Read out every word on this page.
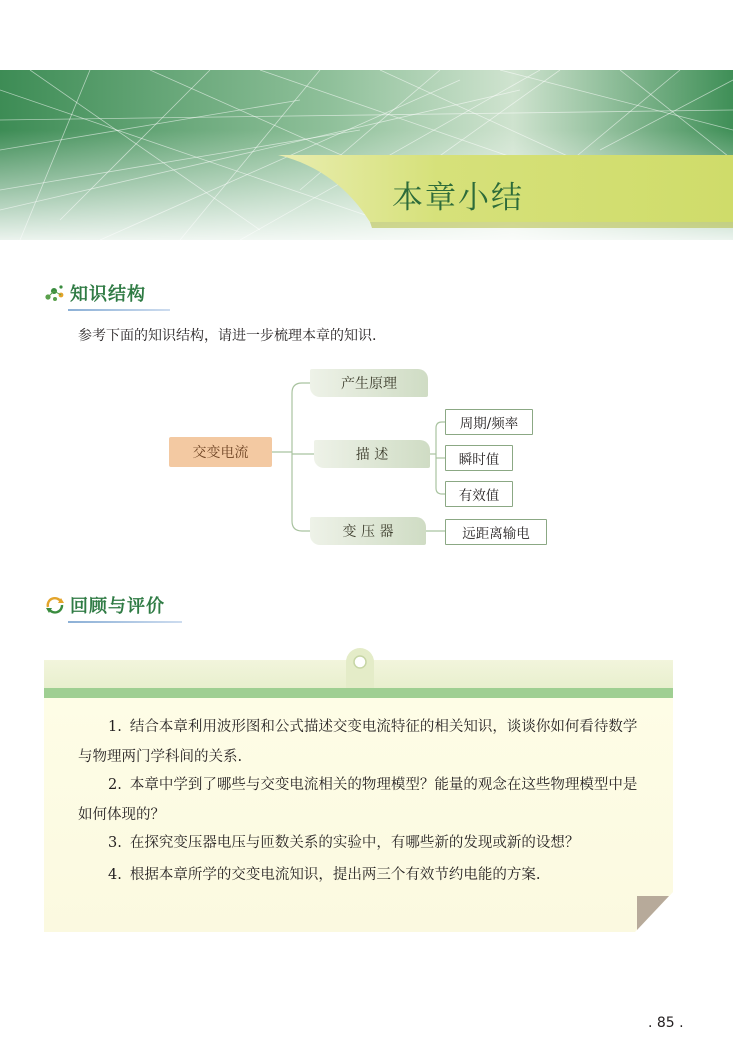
本章小结
知识结构
参考下面的知识结构，请进一步梳理本章的知识.
交变电流
产生原理
描 述
变 压 器
周期/频率
瞬时值
有效值
远距离输电
回顾与评价
1. 结合本章利用波形图和公式描述交变电流特征的相关知识，谈谈你如何看待数学与物理两门学科间的关系.
2. 本章中学到了哪些与交变电流相关的物理模型？能量的观念在这些物理模型中是如何体现的？
3. 在探究变压器电压与匝数关系的实验中，有哪些新的发现或新的设想？
4. 根据本章所学的交变电流知识，提出两三个有效节约电能的方案.
. 85 .
